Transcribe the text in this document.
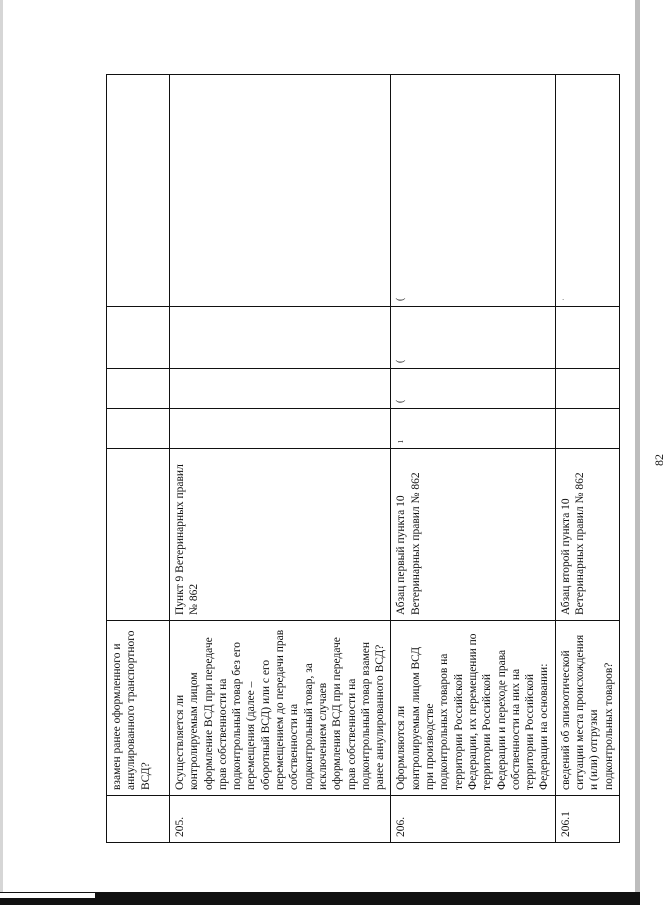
82

	взамен ранее оформленного и аннулированного транспортного ВСД?					
205.	Осуществляется ли контролируемым лицом оформление ВСД при передаче прав собственности на подконтрольный товар без его перемещения (далее – оборотный ВСД) или с его перемещением до передачи прав собственности на подконтрольный товар, за исключением случаев оформления ВСД при передаче прав собственности на подконтрольный товар взамен ранее аннулированного ВСД?	Пункт 9 Ветеринарных правил № 862				
206.	Оформляются ли контролируемым лицом ВСД при производстве подконтрольных товаров на территории Российской Федерации, их перемещении по территории Российской Федерации и переходе права собственности на них на территории Российской Федерации на основании:	Абзац первый пункта 10 Ветеринарных правил № 862	ı	(	(	(
206.1	сведений об эпизоотической ситуации места происхождения и (или) отгрузки подконтрольных товаров?	Абзац второй пункта 10 Ветеринарных правил № 862				ˈ
